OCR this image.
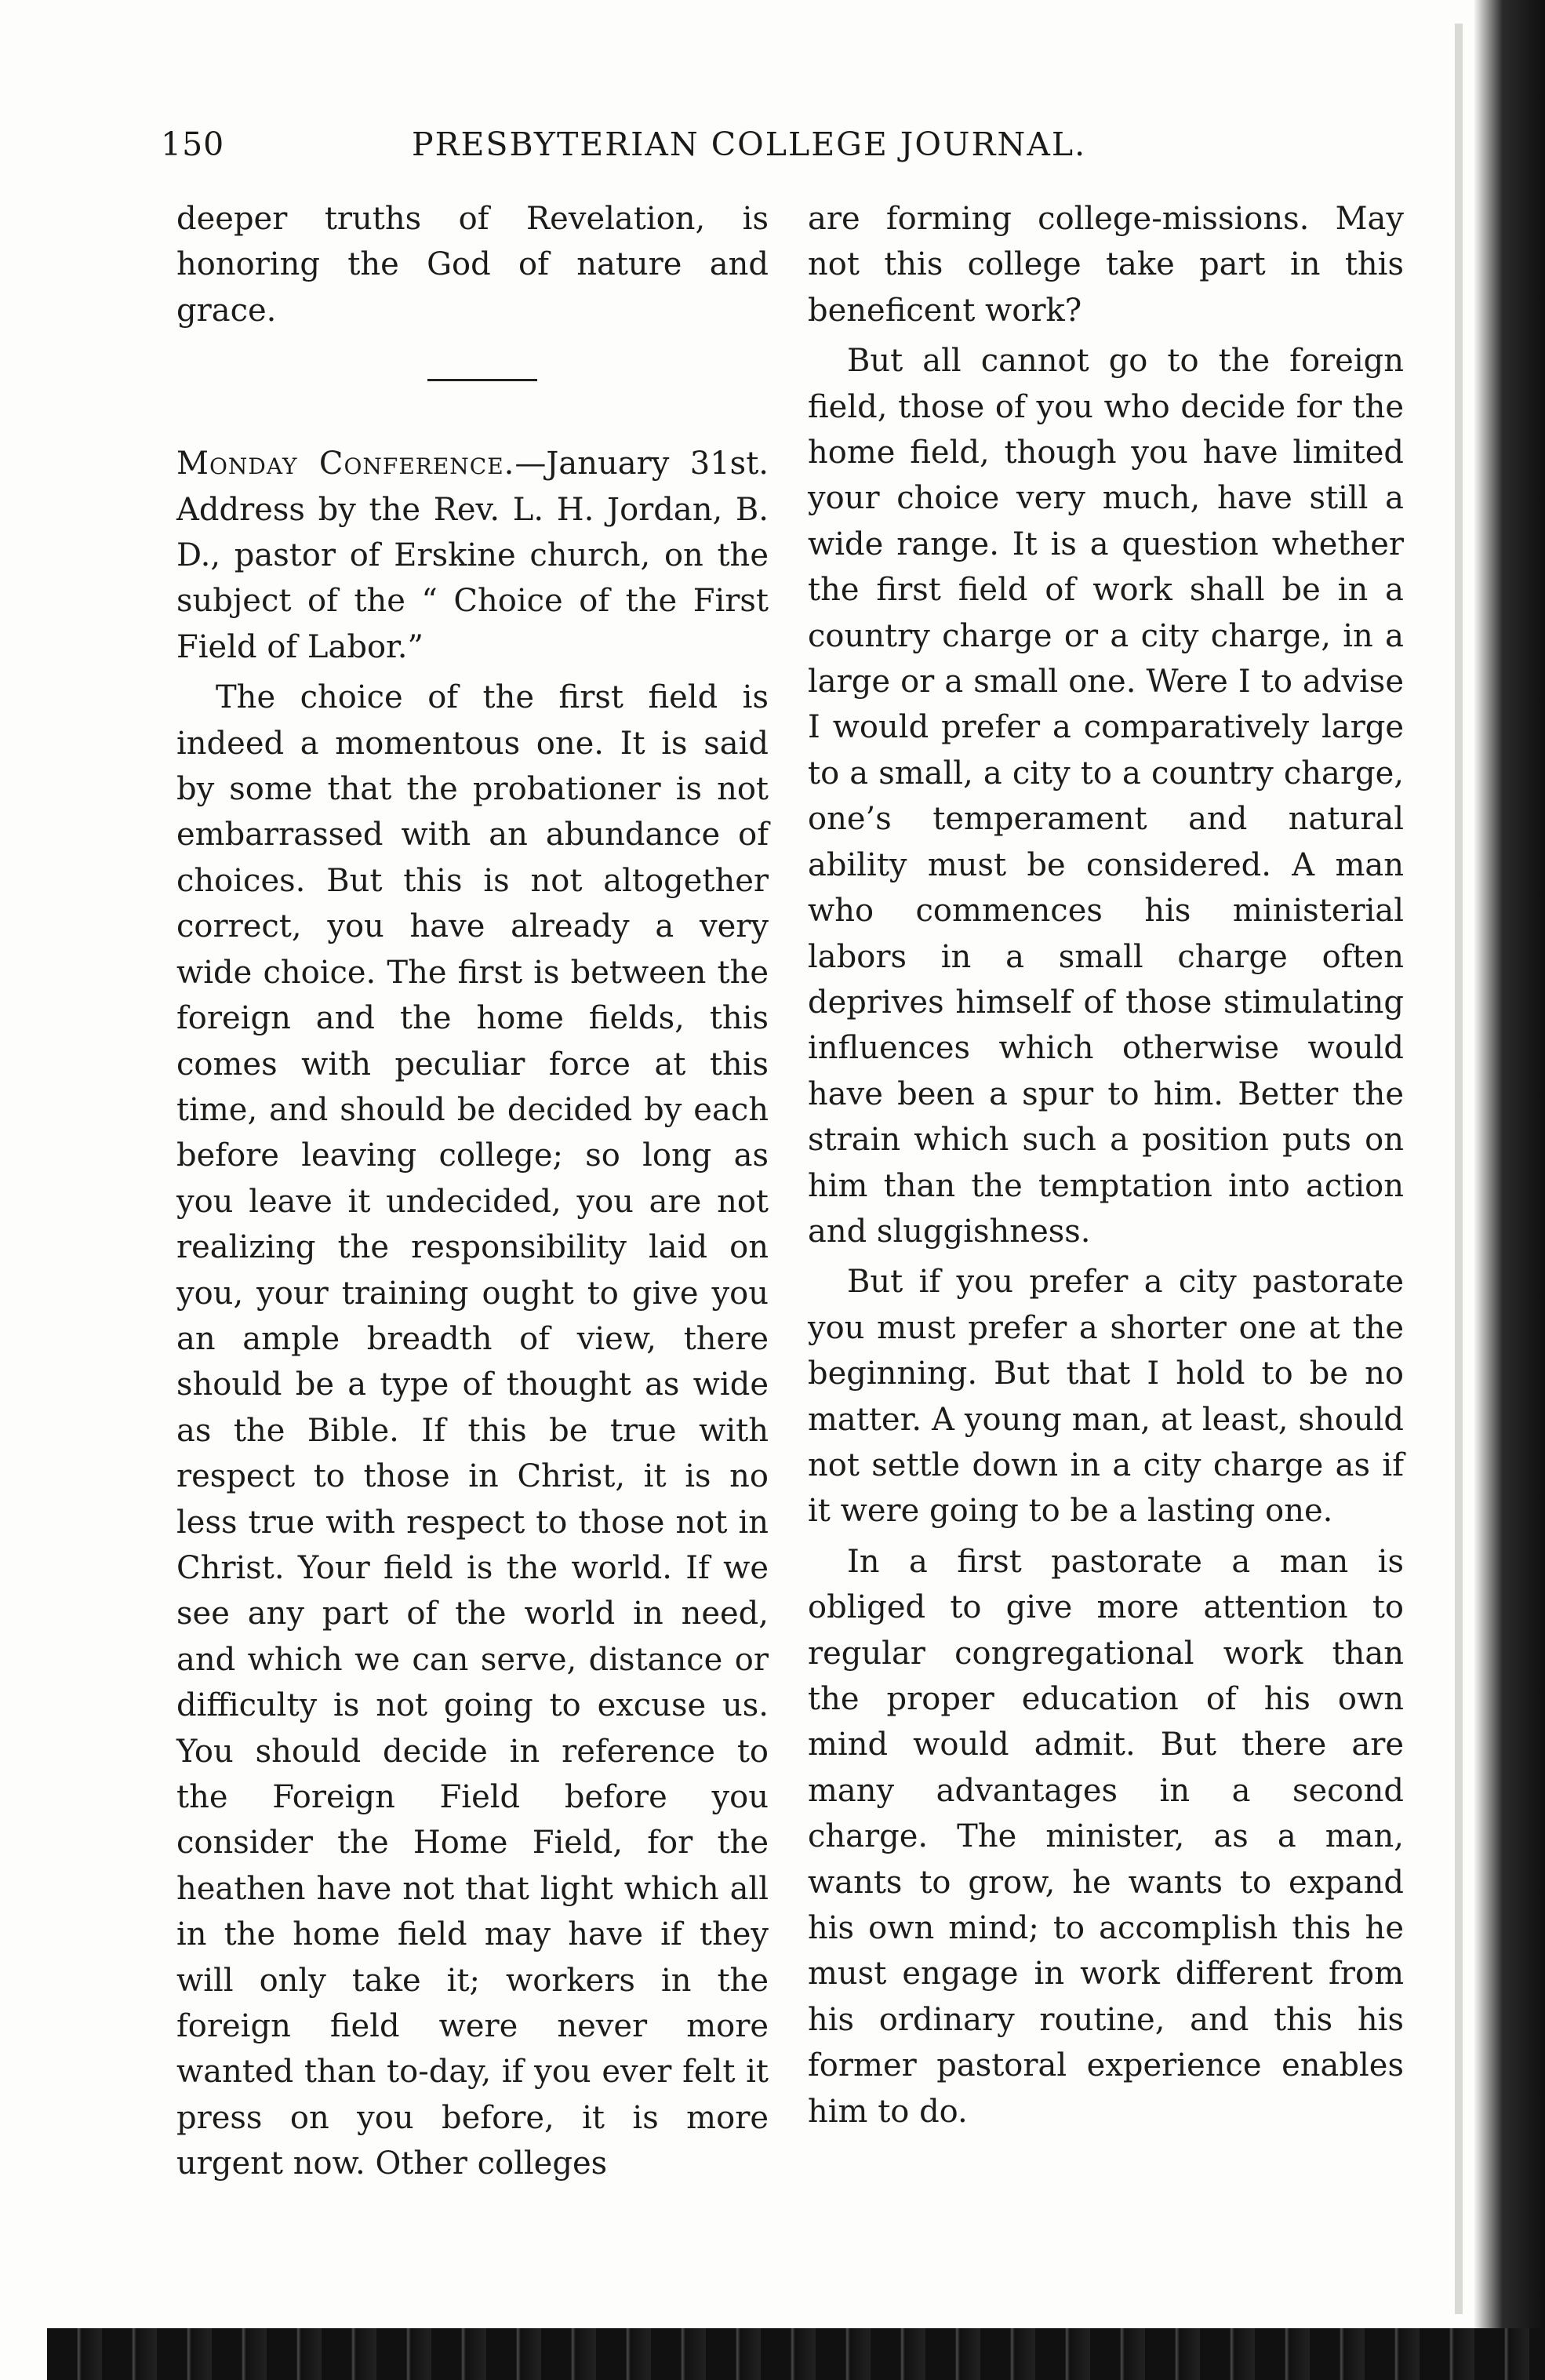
150	PRESBYTERIAN COLLEGE JOURNAL.

deeper truths of Revelation, is honoring the God of nature and grace.

Monday Conference.—January 31st. Address by the Rev. L. H. Jordan, B. D., pastor of Erskine church, on the subject of the “ Choice of the First Field of Labor.”

The choice of the first field is indeed a momentous one. It is said by some that the probationer is not embarrassed with an abundance of choices. But this is not altogether correct, you have already a very wide choice. The first is between the foreign and the home fields, this comes with peculiar force at this time, and should be decided by each before leaving college; so long as you leave it undecided, you are not realizing the responsibility laid on you, your training ought to give you an ample breadth of view, there should be a type of thought as wide as the Bible. If this be true with respect to those in Christ, it is no less true with respect to those not in Christ. Your field is the world. If we see any part of the world in need, and which we can serve, distance or difficulty is not going to excuse us. You should decide in reference to the Foreign Field before you consider the Home Field, for the heathen have not that light which all in the home field may have if they will only take it; workers in the foreign field were never more wanted than to-day, if you ever felt it press on you before, it is more urgent now. Other colleges

are forming college-missions. May not this college take part in this beneficent work?

But all cannot go to the foreign field, those of you who decide for the home field, though you have limited your choice very much, have still a wide range. It is a question whether the first field of work shall be in a country charge or a city charge, in a large or a small one. Were I to advise I would prefer a comparatively large to a small, a city to a country charge, one’s temperament and natural ability must be considered. A man who commences his ministerial labors in a small charge often deprives himself of those stimulating influences which otherwise would have been a spur to him. Better the strain which such a position puts on him than the temptation into action and sluggishness.

But if you prefer a city pastorate you must prefer a shorter one at the beginning. But that I hold to be no matter. A young man, at least, should not settle down in a city charge as if it were going to be a lasting one.

In a first pastorate a man is obliged to give more attention to regular congregational work than the proper education of his own mind would admit. But there are many advantages in a second charge. The minister, as a man, wants to grow, he wants to expand his own mind; to accomplish this he must engage in work different from his ordinary routine, and this his former pastoral experience enables him to do.
